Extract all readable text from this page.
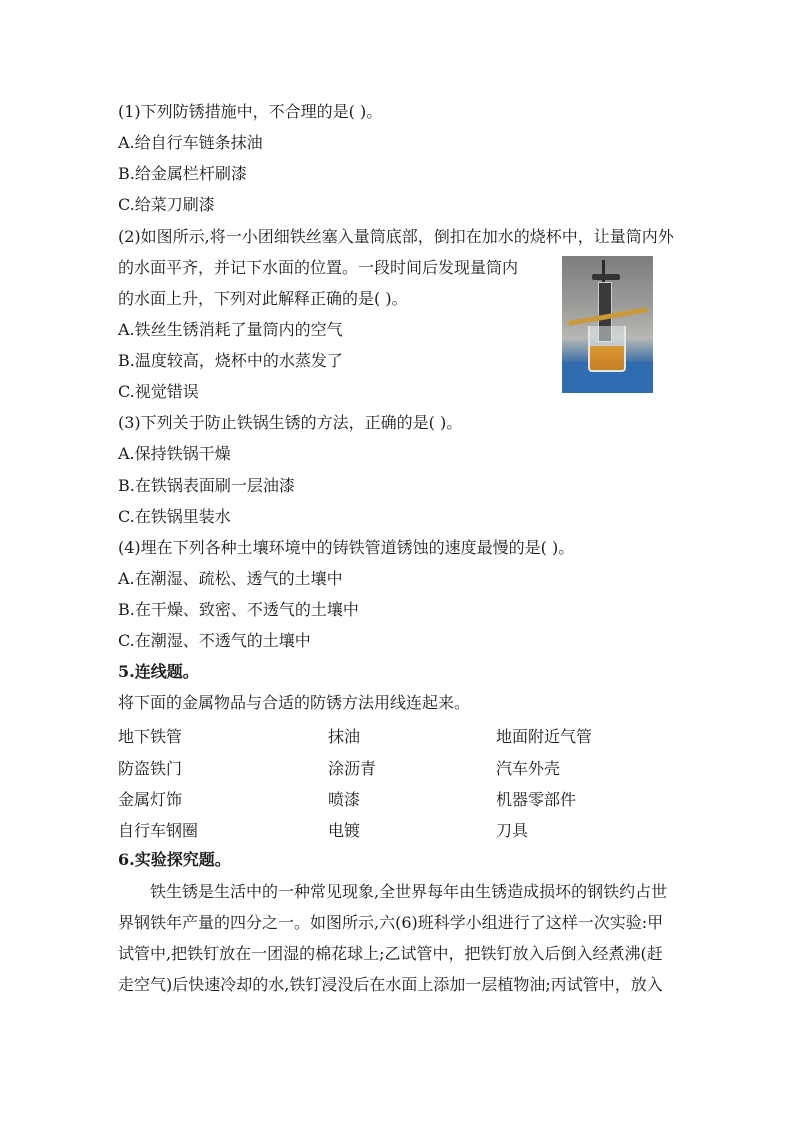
(1)下列防锈措施中，不合理的是( )。
A.给自行车链条抹油
B.给金属栏杆刷漆
C.给菜刀刷漆
(2)如图所示,将一小团细铁丝塞入量筒底部，倒扣在加水的烧杯中，让量筒内外
的水面平齐，并记下水面的位置。一段时间后发现量筒内
的水面上升，下列对此解释正确的是( )。
A.铁丝生锈消耗了量筒内的空气
B.温度较高，烧杯中的水蒸发了
C.视觉错误
(3)下列关于防止铁锅生锈的方法，正确的是( )。
A.保持铁锅干燥
B.在铁锅表面刷一层油漆
C.在铁锅里装水
(4)埋在下列各种土壤环境中的铸铁管道锈蚀的速度最慢的是( )。
A.在潮湿、疏松、透气的土壤中
B.在干燥、致密、不透气的土壤中
C.在潮湿、不透气的土壤中
5.连线题。
将下面的金属物品与合适的防锈方法用线连起来。
地下铁管	抹油	地面附近气管
防盗铁门	涂沥青	汽车外壳
金属灯饰	喷漆	机器零部件
自行车钢圈	电镀	刀具
6.实验探究题。
铁生锈是生活中的一种常见现象,全世界每年由生锈造成损坏的钢铁约占世
界钢铁年产量的四分之一。如图所示,六(6)班科学小组进行了这样一次实验:甲
试管中,把铁钉放在一团湿的棉花球上;乙试管中，把铁钉放入后倒入经煮沸(赶
走空气)后快速冷却的水,铁钉浸没后在水面上添加一层植物油;丙试管中，放入
